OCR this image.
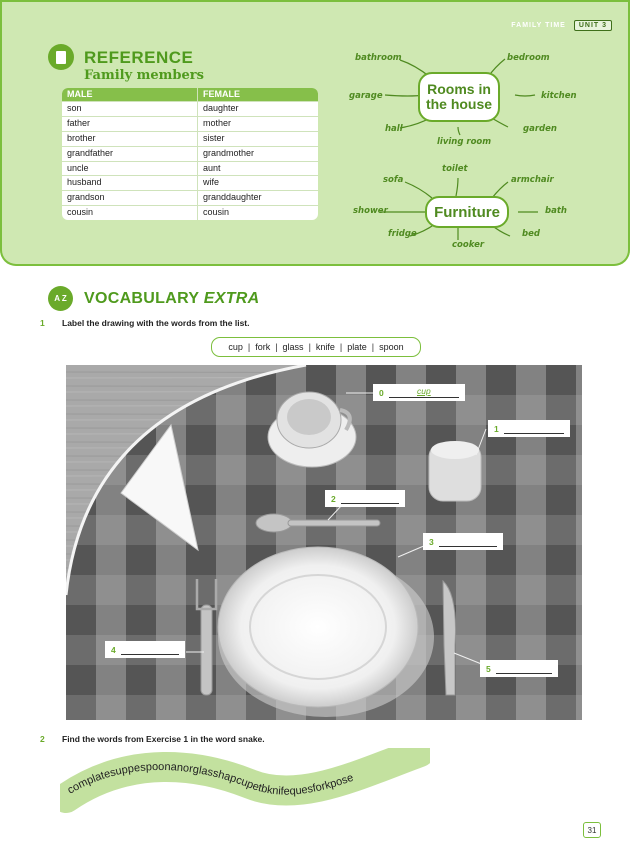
FAMILY TIME	UNIT 3
REFERENCE
Family members
MALE	FEMALE
son	daughter
father	mother
brother	sister
grandfather	grandmother
uncle	aunt
husband	wife
grandson	granddaughter
cousin	cousin
Rooms in
the house
bathroom	bedroom
garage	kitchen
hall	garden
living room
Furniture
toilet
sofa	armchair
shower	bath
fridge	bed
cooker
A Z	VOCABULARY EXTRA
1 Label the drawing with the words from the list.
cup | fork | glass | knife | plate | spoon
0	cup
1
2
3
4
5
2 Find the words from Exercise 1 in the word snake.
complatesuppespoonanorglasshapcupetbknifequesforkpose
31
